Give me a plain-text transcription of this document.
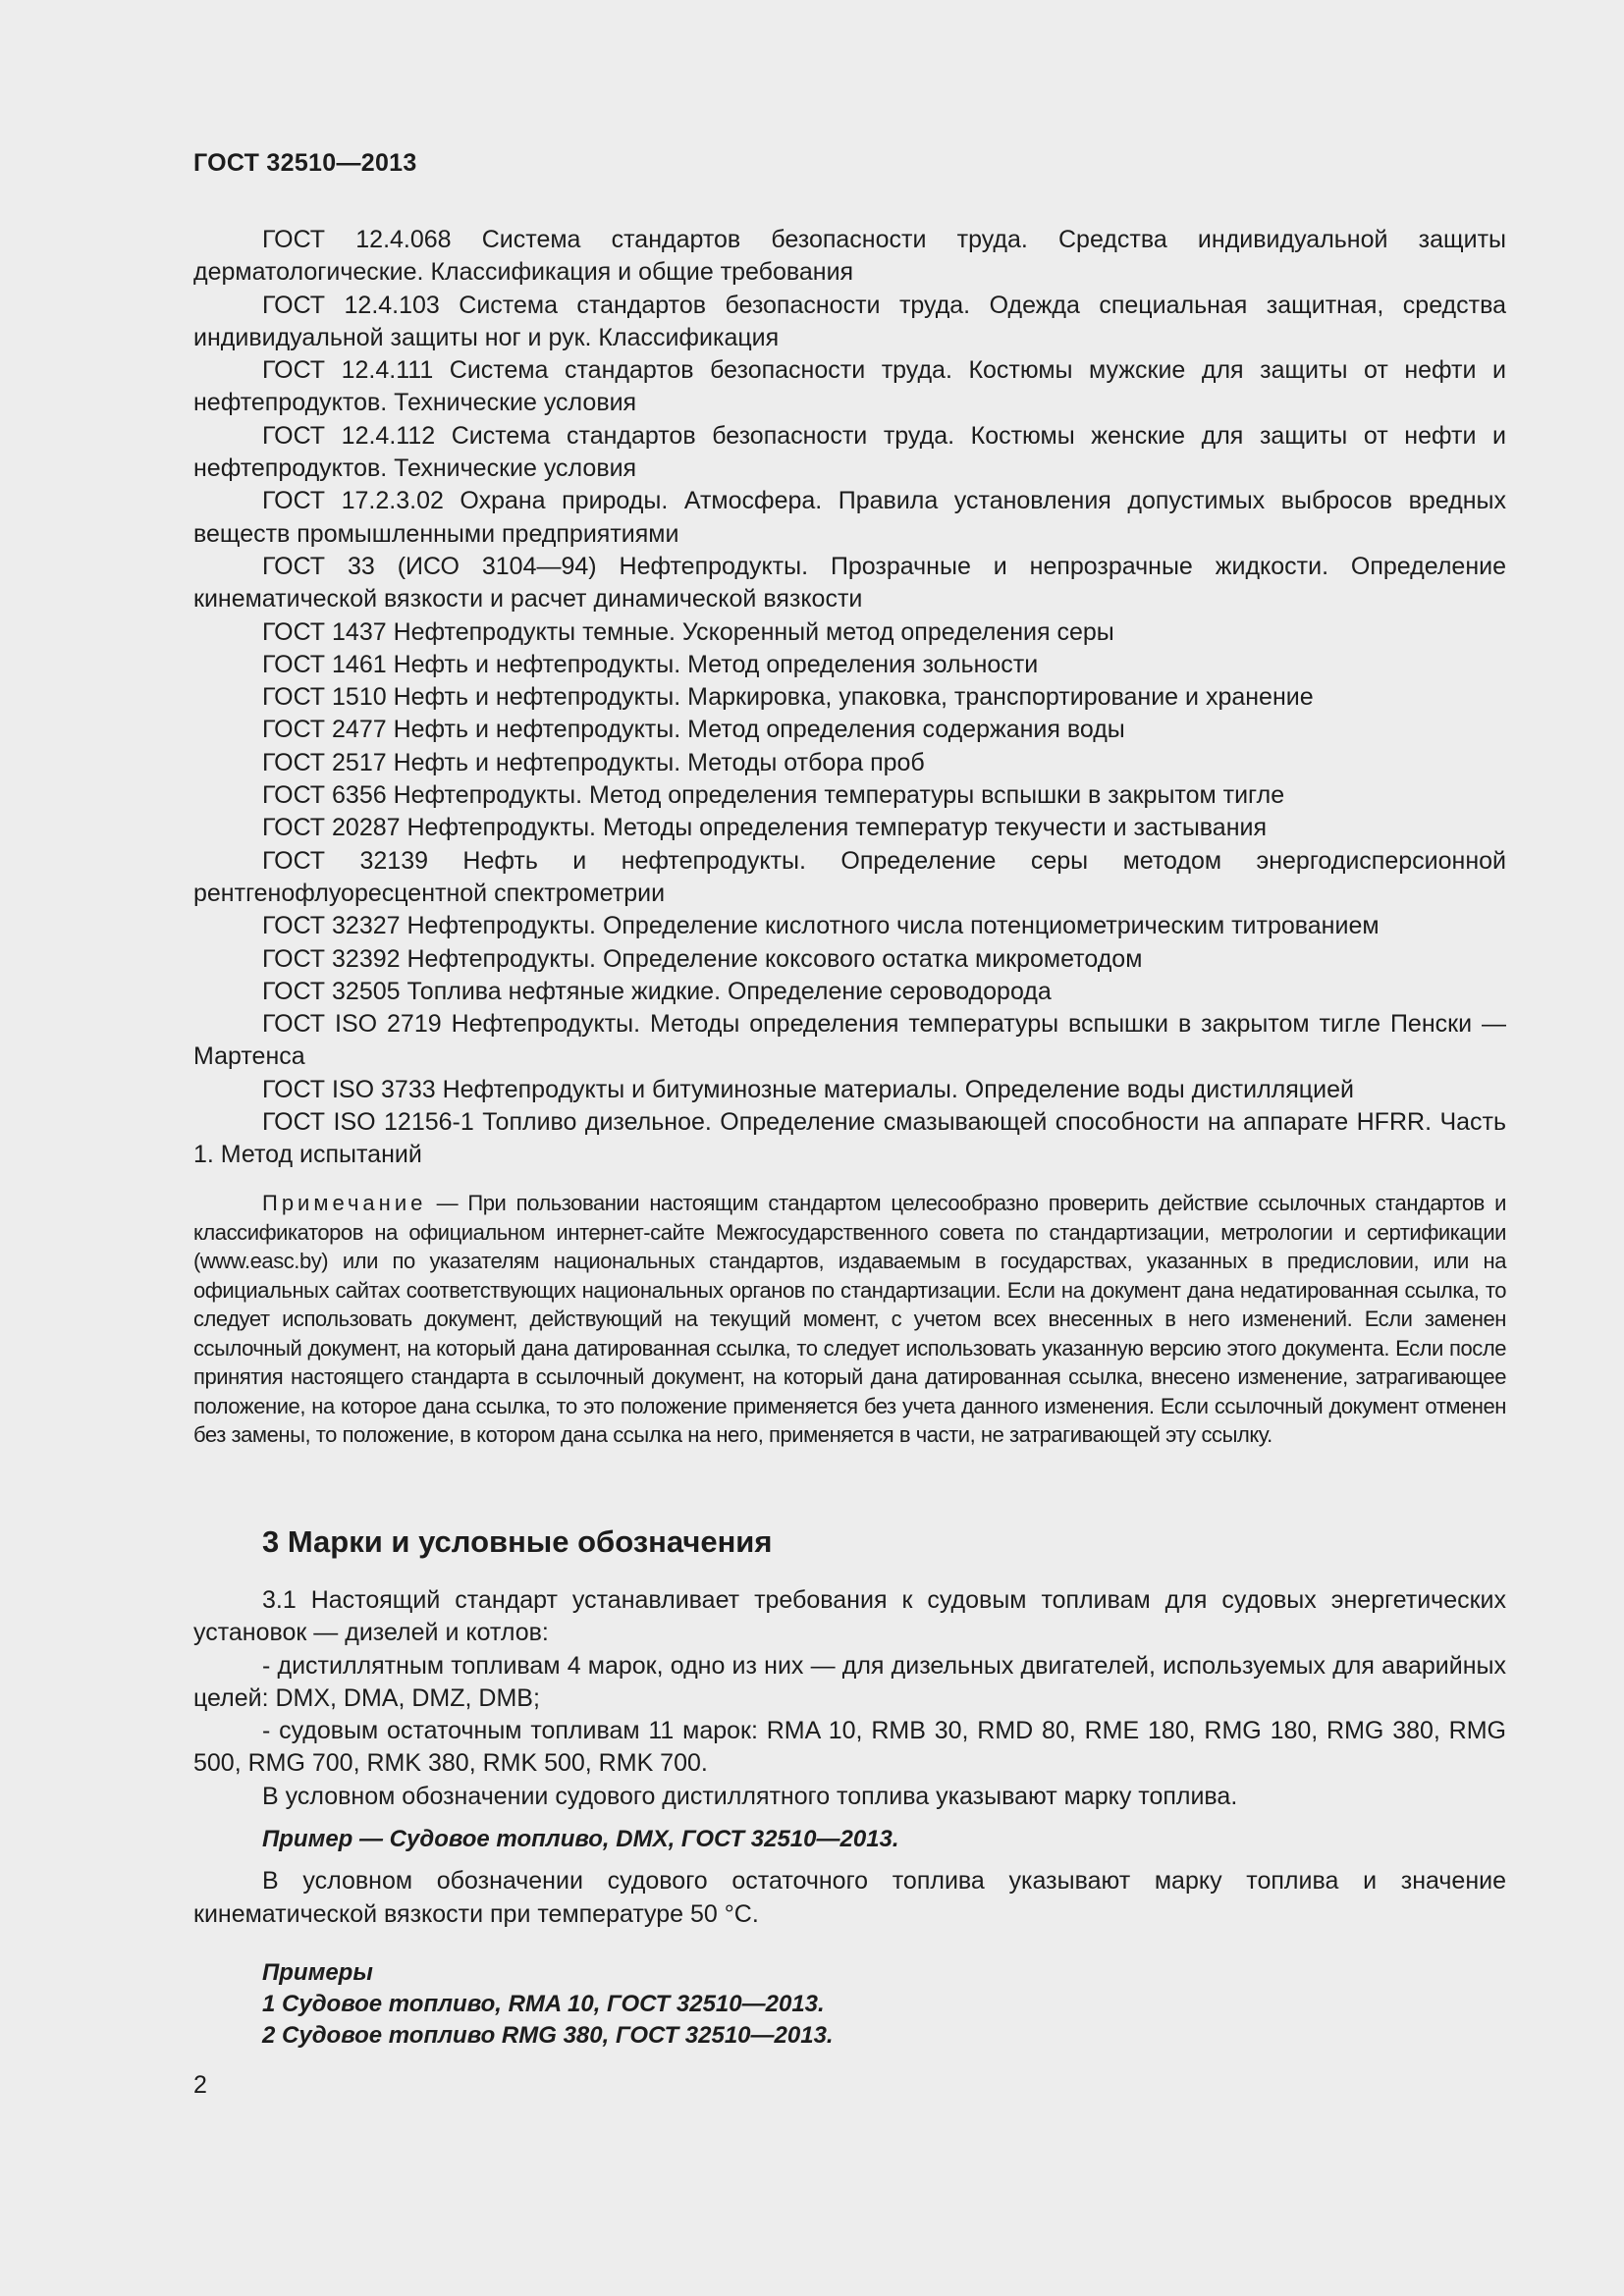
ГОСТ 32510—2013

ГОСТ 12.4.068 Система стандартов безопасности труда. Средства индивидуальной защиты дерматологические. Классификация и общие требования

ГОСТ 12.4.103 Система стандартов безопасности труда. Одежда специальная защитная, средства индивидуальной защиты ног и рук. Классификация

ГОСТ 12.4.111 Система стандартов безопасности труда. Костюмы мужские для защиты от нефти и нефтепродуктов. Технические условия

ГОСТ 12.4.112 Система стандартов безопасности труда. Костюмы женские для защиты от нефти и нефтепродуктов. Технические условия

ГОСТ 17.2.3.02 Охрана природы. Атмосфера. Правила установления допустимых выбросов вредных веществ промышленными предприятиями

ГОСТ 33 (ИСО 3104—94) Нефтепродукты. Прозрачные и непрозрачные жидкости. Определение кинематической вязкости и расчет динамической вязкости

ГОСТ 1437 Нефтепродукты темные. Ускоренный метод определения серы

ГОСТ 1461 Нефть и нефтепродукты. Метод определения зольности

ГОСТ 1510 Нефть и нефтепродукты. Маркировка, упаковка, транспортирование и хранение

ГОСТ 2477 Нефть и нефтепродукты. Метод определения содержания воды

ГОСТ 2517 Нефть и нефтепродукты. Методы отбора проб

ГОСТ 6356 Нефтепродукты. Метод определения температуры вспышки в закрытом тигле

ГОСТ 20287 Нефтепродукты. Методы определения температур текучести и застывания

ГОСТ 32139 Нефть и нефтепродукты. Определение серы методом энергодисперсионной рентгенофлуоресцентной спектрометрии

ГОСТ 32327 Нефтепродукты. Определение кислотного числа потенциометрическим титрованием

ГОСТ 32392 Нефтепродукты. Определение коксового остатка микрометодом

ГОСТ 32505 Топлива нефтяные жидкие. Определение сероводорода

ГОСТ ISO 2719 Нефтепродукты. Методы определения температуры вспышки в закрытом тигле Пенски — Мартенса

ГОСТ ISO 3733 Нефтепродукты и битуминозные материалы. Определение воды дистилляцией

ГОСТ ISO 12156-1 Топливо дизельное. Определение смазывающей способности на аппарате HFRR. Часть 1. Метод испытаний

Примечание — При пользовании настоящим стандартом целесообразно проверить действие ссылочных стандартов и классификаторов на официальном интернет-сайте Межгосударственного совета по стандартизации, метрологии и сертификации (www.easc.by) или по указателям национальных стандартов, издаваемым в государствах, указанных в предисловии, или на официальных сайтах соответствующих национальных органов по стандартизации. Если на документ дана недатированная ссылка, то следует использовать документ, действующий на текущий момент, с учетом всех внесенных в него изменений. Если заменен ссылочный документ, на который дана датированная ссылка, то следует использовать указанную версию этого документа. Если после принятия настоящего стандарта в ссылочный документ, на который дана датированная ссылка, внесено изменение, затрагивающее положение, на которое дана ссылка, то это положение применяется без учета данного изменения. Если ссылочный документ отменен без замены, то положение, в котором дана ссылка на него, применяется в части, не затрагивающей эту ссылку.

3 Марки и условные обозначения

3.1 Настоящий стандарт устанавливает требования к судовым топливам для судовых энергетических установок — дизелей и котлов:

- дистиллятным топливам 4 марок, одно из них — для дизельных двигателей, используемых для аварийных целей: DMX, DMA, DMZ, DMB;

- судовым остаточным топливам 11 марок: RMA 10, RMB 30, RMD 80, RME 180, RMG 180, RMG 380, RMG 500, RMG 700, RMK 380, RMK 500, RMK 700.

В условном обозначении судового дистиллятного топлива указывают марку топлива.

Пример — Судовое топливо, DMX, ГОСТ 32510—2013.

В условном обозначении судового остаточного топлива указывают марку топлива и значение кинематической вязкости при температуре 50 °С.

Примеры
1 Судовое топливо, RMA 10, ГОСТ 32510—2013.
2 Судовое топливо RMG 380, ГОСТ 32510—2013.
2
